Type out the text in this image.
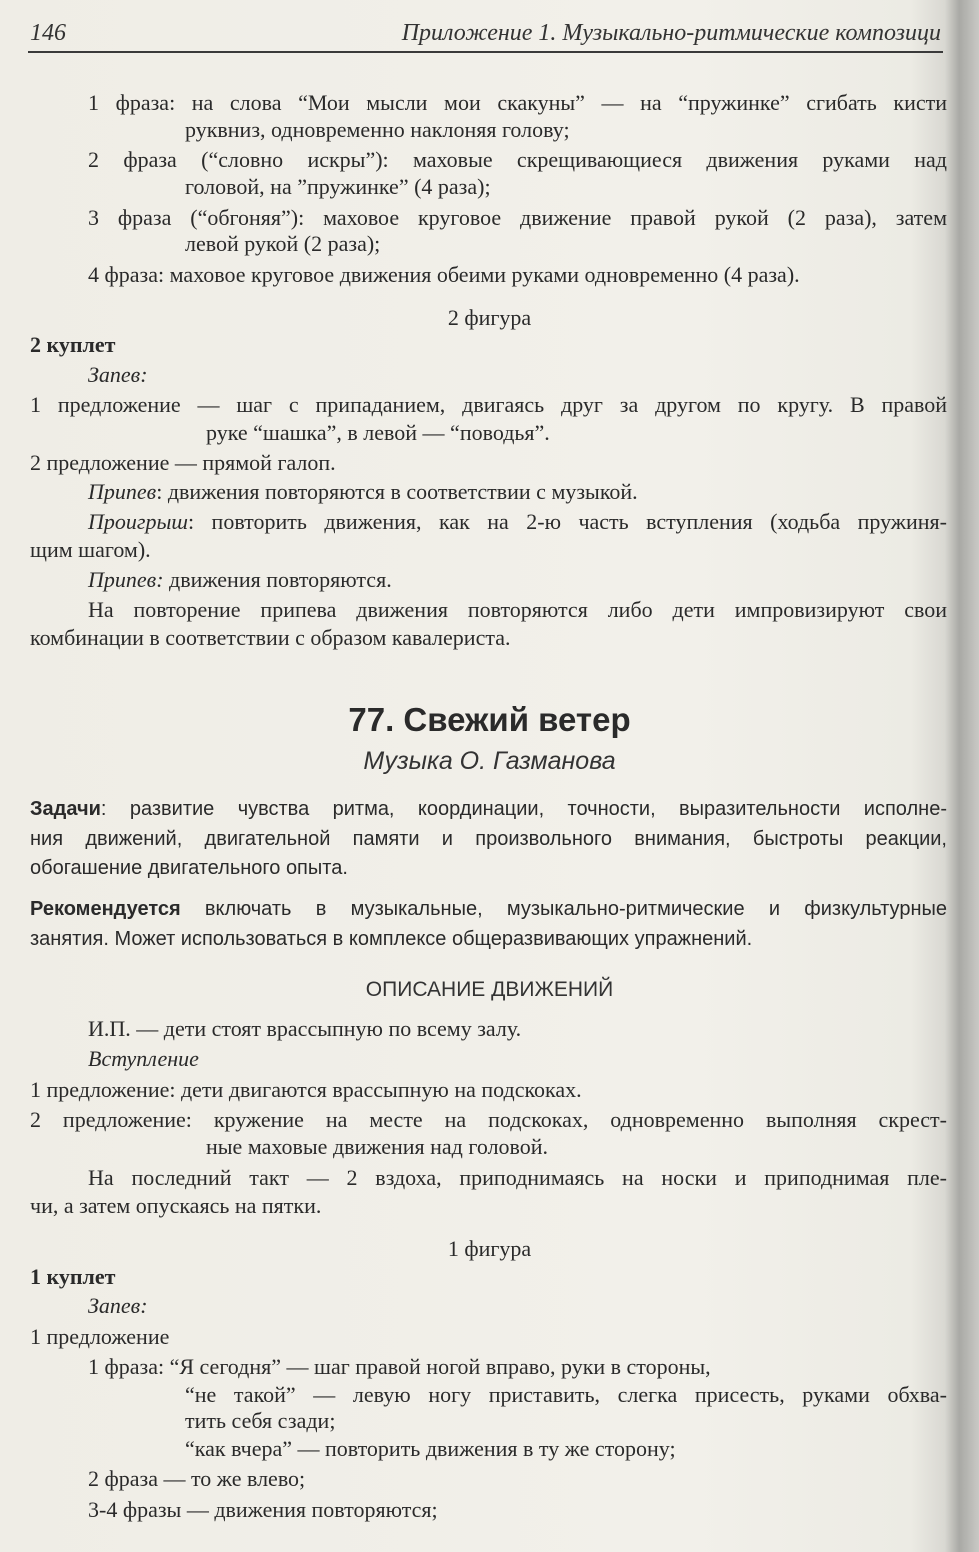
146	Приложение 1. Музыкально-ритмические композици
1 фраза: на слова “Мои мысли мои скакуны” — на “пружинке” сгибать кисти
руквниз, одновременно наклоняя голову;
2 фраза (“словно искры”): маховые скрещивающиеся движения руками над
головой, на ”пружинке” (4 раза);
3 фраза (“обгоняя”): маховое круговое движение правой рукой (2 раза), затем
левой рукой (2 раза);
4 фраза: маховое круговое движения обеими руками одновременно (4 раза).
2 фигура
2 куплет
Запев:
1 предложение — шаг с припаданием, двигаясь друг за другом по кругу. В правой
руке “шашка”, в левой — “поводья”.
2 предложение — прямой галоп.
Припев: движения повторяются в соответствии с музыкой.
Проигрыш: повторить движения, как на 2-ю часть вступления (ходьба пружиня-
щим шагом).
Припев: движения повторяются.
На повторение припева движения повторяются либо дети импровизируют свои
комбинации в соответствии с образом кавалериста.
77. Свежий ветер
Музыка О. Газманова
Задачи: развитие чувства ритма, координации, точности, выразительности исполне-
ния движений, двигательной памяти и произвольного внимания, быстроты реакции,
обогашение двигательного опыта.
Рекомендуется включать в музыкальные, музыкально-ритмические и физкультурные
занятия. Может использоваться в комплексе общеразвивающих упражнений.
ОПИСАНИЕ ДВИЖЕНИЙ
И.П. — дети стоят врассыпную по всему залу.
Вступление
1 предложение: дети двигаются врассыпную на подскоках.
2 предложение: кружение на месте на подскоках, одновременно выполняя скрест-
ные маховые движения над головой.
На последний такт — 2 вздоха, приподнимаясь на носки и приподнимая пле-
чи, а затем опускаясь на пятки.
1 фигура
1 куплет
Запев:
1 предложение
1 фраза: “Я сегодня” — шаг правой ногой вправо, руки в стороны,
“не такой” — левую ногу приставить, слегка присесть, руками обхва-
тить себя сзади;
“как вчера” — повторить движения в ту же сторону;
2 фраза — то же влево;
3-4 фразы — движения повторяются;
